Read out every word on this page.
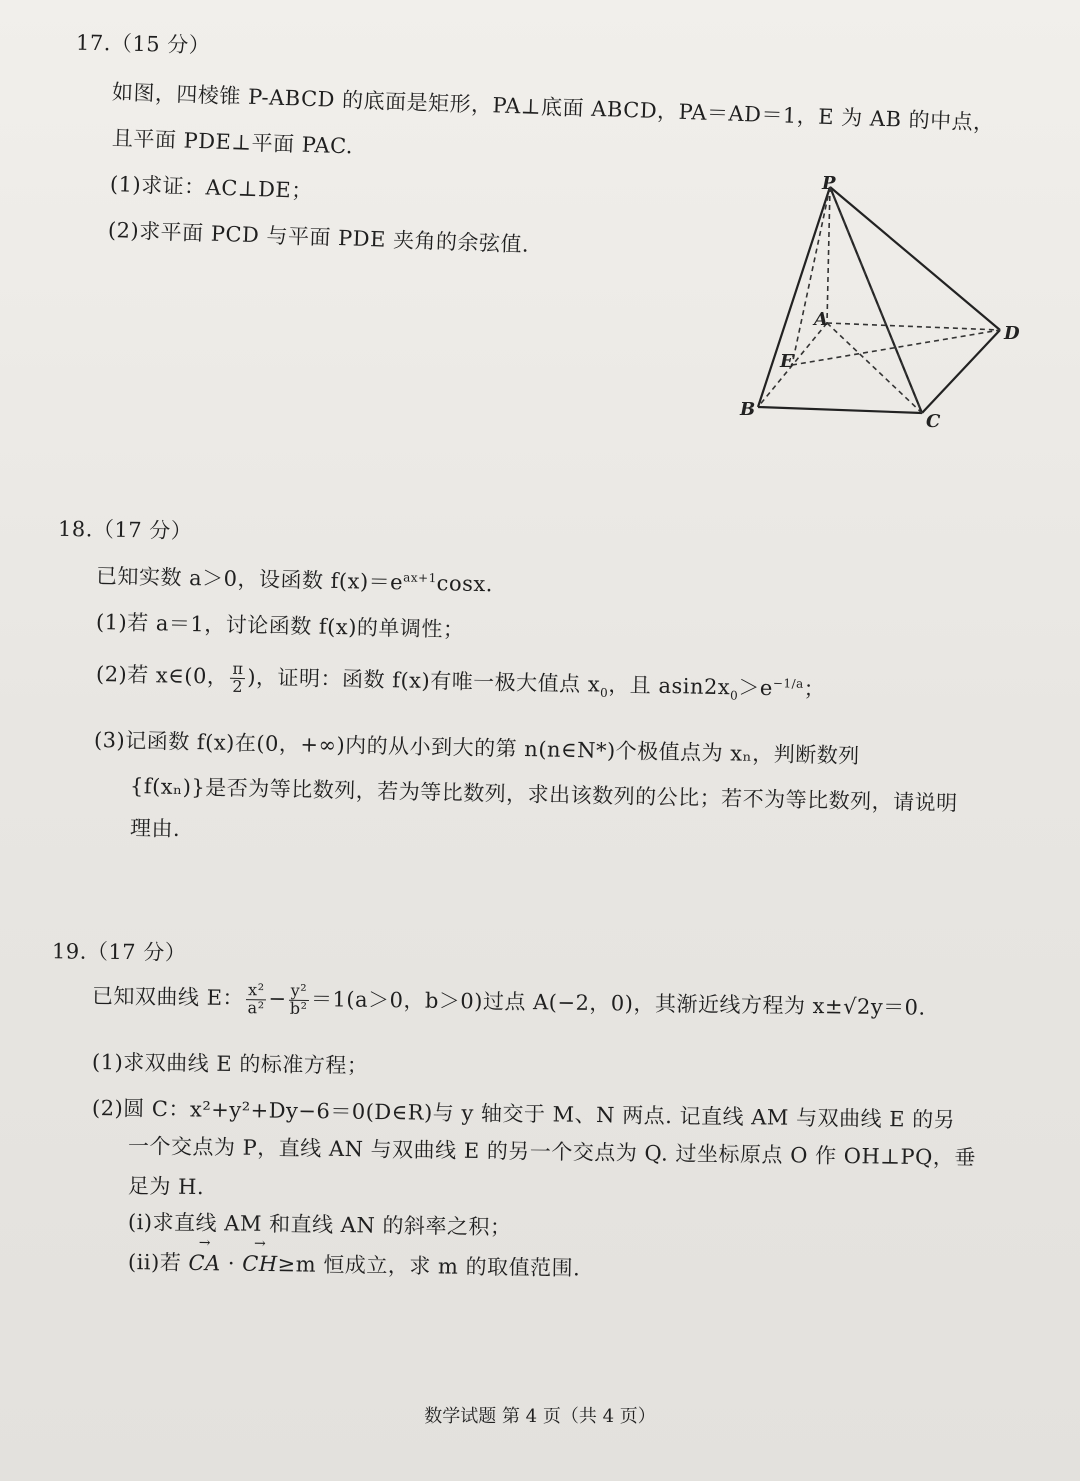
17.（15 分）
如图，四棱锥 P-ABCD 的底面是矩形，PA⊥底面 ABCD，PA＝AD＝1，E 为 AB 的中点，
且平面 PDE⊥平面 PAC.
(1)求证：AC⊥DE；
(2)求平面 PCD 与平面 PDE 夹角的余弦值.
P
A
D
E
B
C
18.（17 分）
已知实数 a＞0，设函数 $f(x)=e^{ax+1}\cos x$.
(1)若 a＝1，讨论函数 f(x)的单调性；
(2)若 x∈(0， $\frac{\pi}{2}$ )，证明：函数 f(x)有唯一极大值点 $x_0$，且 $asin2x_0>e^{-1/a}$；
(3)记函数 f(x)在(0，+∞)内的从小到大的第 n(n∈N*)个极值点为 xₙ，判断数列
{f(xₙ)}是否为等比数列，若为等比数列，求出该数列的公比；若不为等比数列，请说明
理由.
19.（17 分）
已知双曲线 E： $\frac{\text{x²}}{\text{a²}} - \frac{\text{y²}}{\text{b²}} =1(a>0$，b＞0)过点 A(−2，0)，其渐近线方程为 x±√2y＝0.
(1)求双曲线 E 的标准方程；
(2)圆 C：x²+y²+Dy−6＝0(D∈R)与 y 轴交于 M、N 两点. 记直线 AM 与双曲线 E 的另
一个交点为 P，直线 AN 与双曲线 E 的另一个交点为 Q. 过坐标原点 O 作 OH⊥PQ，垂
足为 H.
(i)求直线 AM 和直线 AN 的斜率之积；
(ii)若 → CA · → CH≥m 恒成立，求 m 的取值范围.
数学试题 第 4 页（共 4 页）
